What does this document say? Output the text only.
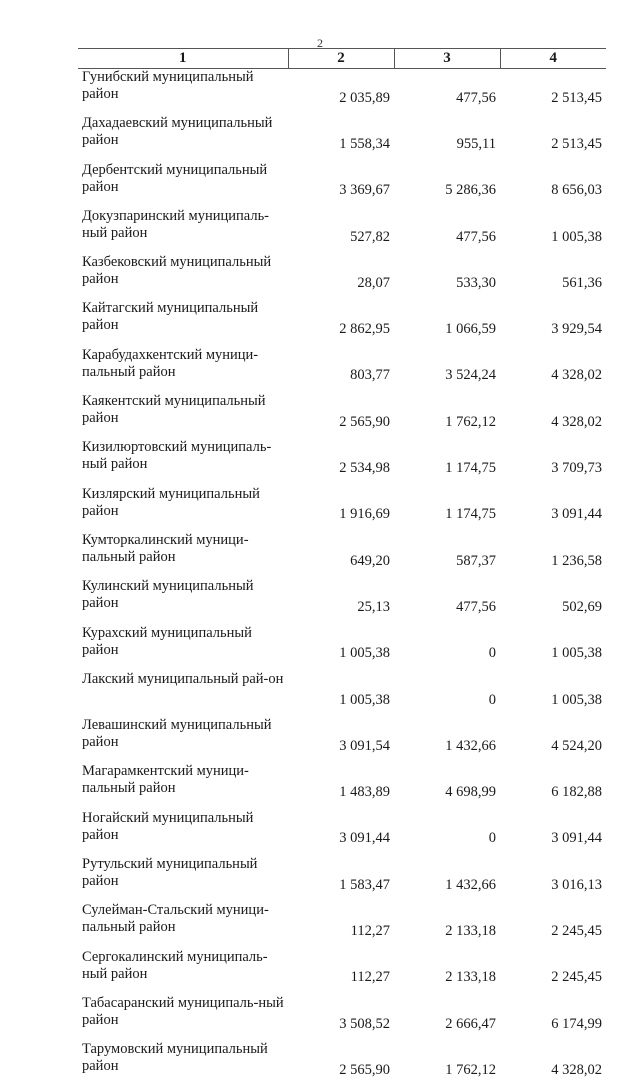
2
1	2	3	4

Гунибский муниципальный район	2 035,89	477,56	2 513,45

Дахадаевский муниципальный район	1 558,34	955,11	2 513,45

Дербентский муниципальный район	3 369,67	5 286,36	8 656,03

Докузпаринский муниципаль-ный район	527,82	477,56	1 005,38

Казбековский муниципальный район	28,07	533,30	561,36

Кайтагский муниципальный район	2 862,95	1 066,59	3 929,54

Карабудахкентский муници-пальный район	803,77	3 524,24	4 328,02

Каякентский муниципальный район	2 565,90	1 762,12	4 328,02

Кизилюртовский муниципаль-ный район	2 534,98	1 174,75	3 709,73

Кизлярский муниципальный район	1 916,69	1 174,75	3 091,44

Кумторкалинский муници-пальный район	649,20	587,37	1 236,58

Кулинский муниципальный район	25,13	477,56	502,69

Курахский муниципальный район	1 005,38	0	1 005,38

Лакский муниципальный рай-он	1 005,38	0	1 005,38

Левашинский муниципальный район	3 091,54	1 432,66	4 524,20

Магарамкентский муници-пальный район	1 483,89	4 698,99	6 182,88

Ногайский муниципальный район	3 091,44	0	3 091,44

Рутульский муниципальный район	1 583,47	1 432,66	3 016,13

Сулейман-Стальский муници-пальный район	112,27	2 133,18	2 245,45

Сергокалинский муниципаль-ный район	112,27	2 133,18	2 245,45

Табасаранский муниципаль-ный район	3 508,52	2 666,47	6 174,99

Тарумовский муниципальный район	2 565,90	1 762,12	4 328,02
